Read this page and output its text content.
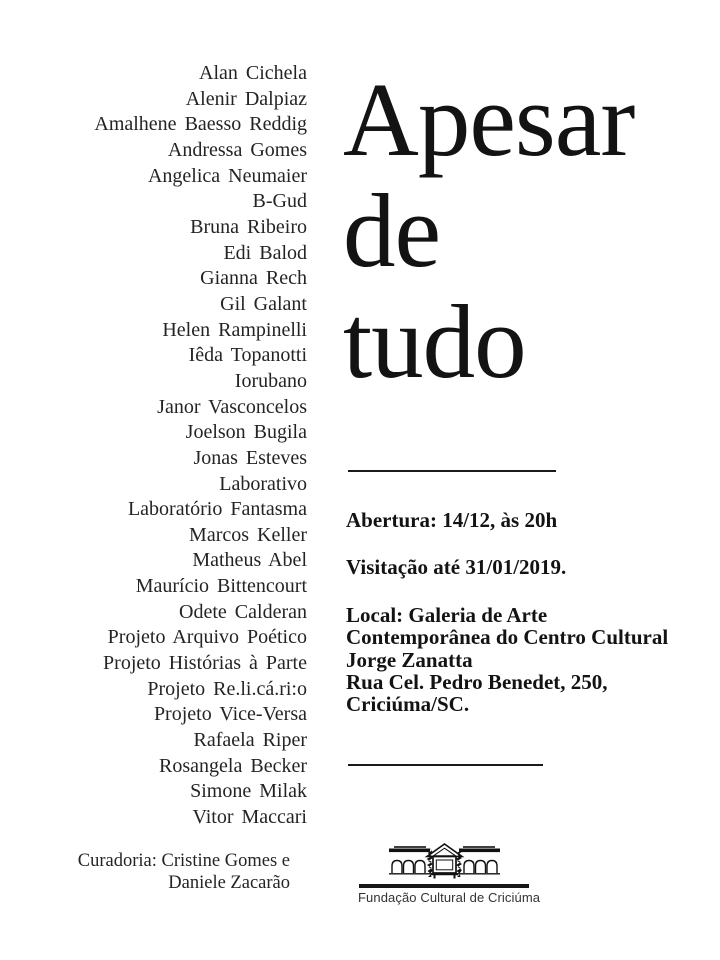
Alan Cichela
Alenir Dalpiaz
Amalhene Baesso Reddig
Andressa Gomes
Angelica Neumaier
B-Gud
Bruna Ribeiro
Edi Balod
Gianna Rech
Gil Galant
Helen Rampinelli
Iêda Topanotti
Iorubano
Janor Vasconcelos
Joelson Bugila
Jonas Esteves
Laborativo
Laboratório Fantasma
Marcos Keller
Matheus Abel
Maurício Bittencourt
Odete Calderan
Projeto Arquivo Poético
Projeto Histórias à Parte
Projeto Re.li.cá.ri:o
Projeto Vice-Versa
Rafaela Riper
Rosangela Becker
Simone Milak
Vitor Maccari
Curadoria: Cristine Gomes e
Daniele Zacarão
Apesar
de
tudo
Abertura: 14/12, às 20h
Visitação até 31/01/2019.
Local: Galeria de Arte
Contemporânea do Centro Cultural
Jorge Zanatta
Rua Cel. Pedro Benedet, 250,
Criciúma/SC.
Fundação Cultural de Criciúma
